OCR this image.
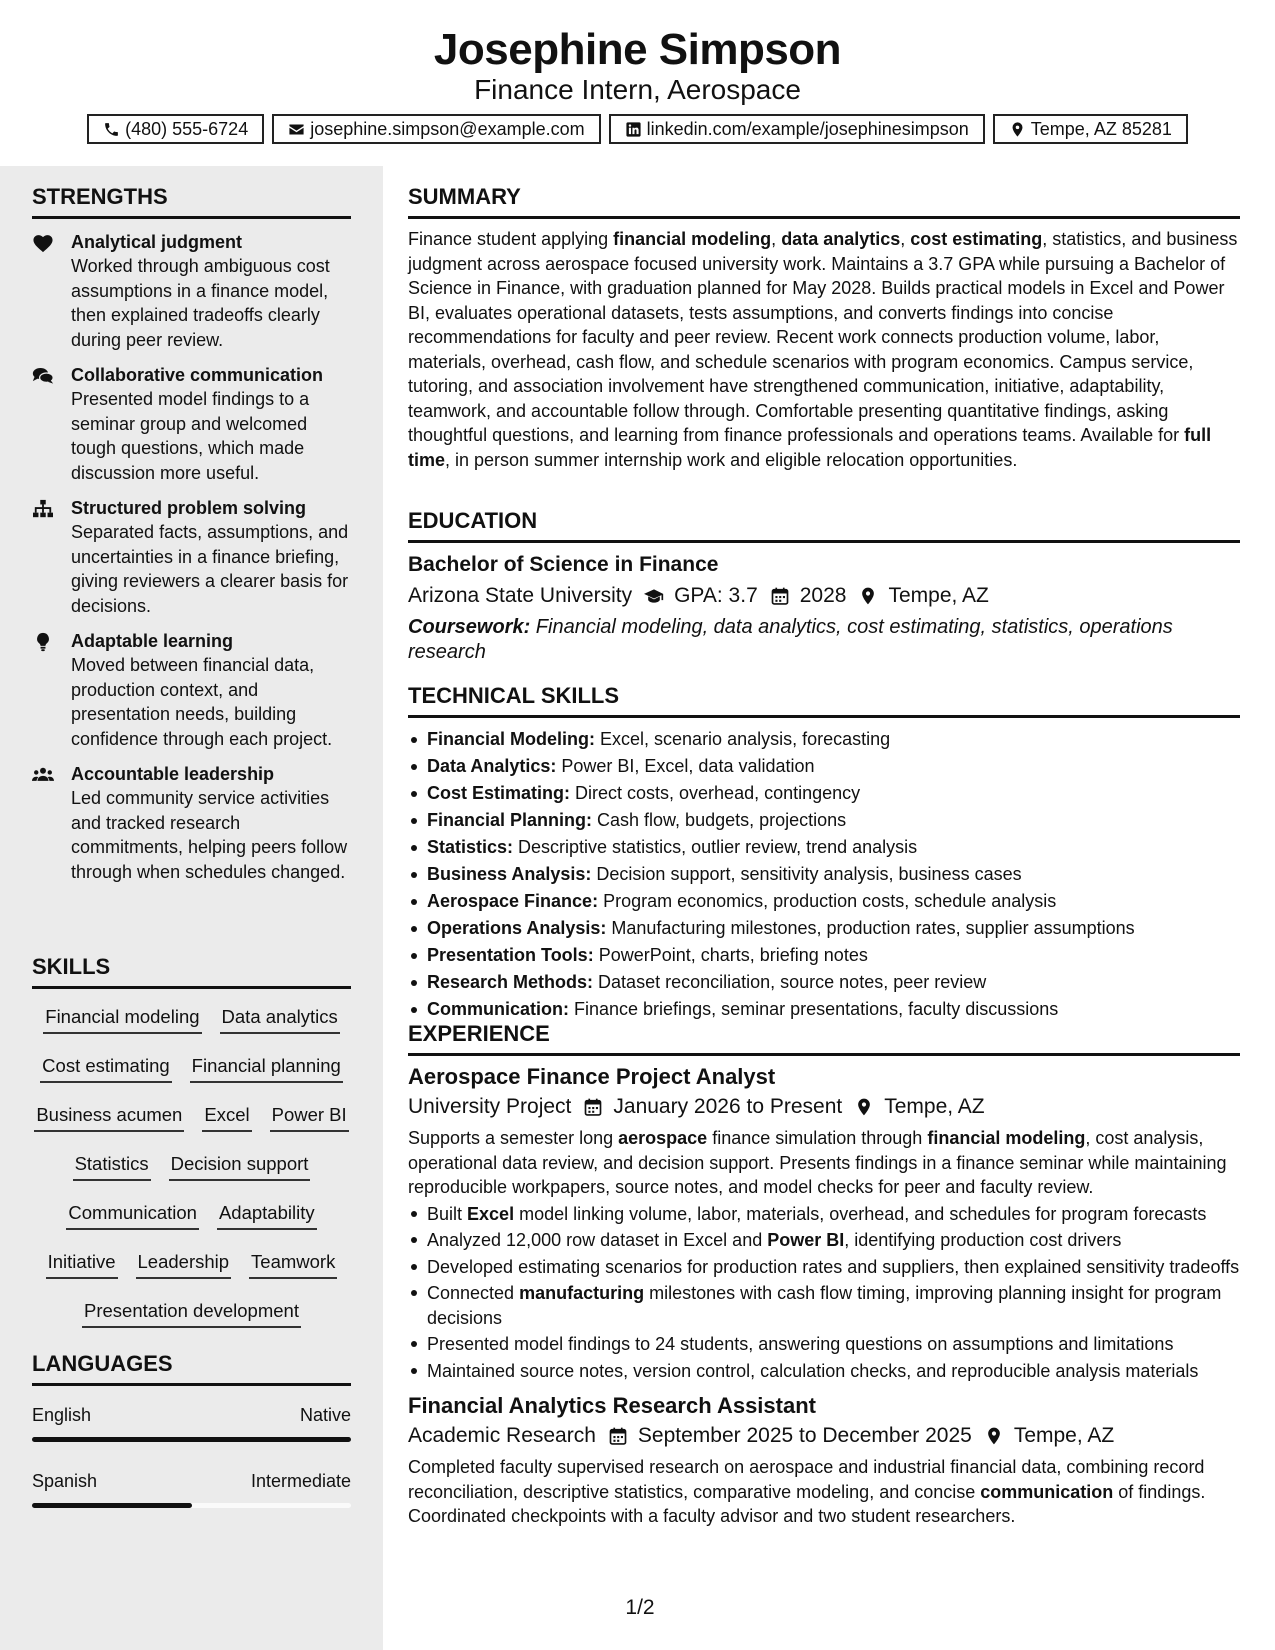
Josephine Simpson
Finance Intern, Aerospace
(480) 555-6724	josephine.simpson@example.com	linkedin.com/example/josephinesimpson	Tempe, AZ 85281
STRENGTHS
Analytical judgment
Worked through ambiguous cost assumptions in a finance model, then explained tradeoffs clearly during peer review.
Collaborative communication
Presented model findings to a seminar group and welcomed tough questions, which made discussion more useful.
Structured problem solving
Separated facts, assumptions, and uncertainties in a finance briefing, giving reviewers a clearer basis for decisions.
Adaptable learning
Moved between financial data, production context, and presentation needs, building confidence through each project.
Accountable leadership
Led community service activities and tracked research commitments, helping peers follow through when schedules changed.
SKILLS
Financial modeling Data analytics
Cost estimating Financial planning
Business acumen Excel Power BI
Statistics Decision support
Communication Adaptability
Initiative Leadership Teamwork
Presentation development
LANGUAGES
English	Native
Spanish	Intermediate
SUMMARY
Finance student applying financial modeling, data analytics, cost estimating, statistics, and business judgment across aerospace focused university work. Maintains a 3.7 GPA while pursuing a Bachelor of Science in Finance, with graduation planned for May 2028. Builds practical models in Excel and Power BI, evaluates operational datasets, tests assumptions, and converts findings into concise recommendations for faculty and peer review. Recent work connects production volume, labor, materials, overhead, cash flow, and schedule scenarios with program economics. Campus service, tutoring, and association involvement have strengthened communication, initiative, adaptability, teamwork, and accountable follow through. Comfortable presenting quantitative findings, asking thoughtful questions, and learning from finance professionals and operations teams. Available for full time, in person summer internship work and eligible relocation opportunities.
EDUCATION
Bachelor of Science in Finance
Arizona State University GPA: 3.7 2028 Tempe, AZ
Coursework: Financial modeling, data analytics, cost estimating, statistics, operations research
TECHNICAL SKILLS
Financial Modeling: Excel, scenario analysis, forecasting
Data Analytics: Power BI, Excel, data validation
Cost Estimating: Direct costs, overhead, contingency
Financial Planning: Cash flow, budgets, projections
Statistics: Descriptive statistics, outlier review, trend analysis
Business Analysis: Decision support, sensitivity analysis, business cases
Aerospace Finance: Program economics, production costs, schedule analysis
Operations Analysis: Manufacturing milestones, production rates, supplier assumptions
Presentation Tools: PowerPoint, charts, briefing notes
Research Methods: Dataset reconciliation, source notes, peer review
Communication: Finance briefings, seminar presentations, faculty discussions
EXPERIENCE
Aerospace Finance Project Analyst
University Project January 2026 to Present Tempe, AZ
Supports a semester long aerospace finance simulation through financial modeling, cost analysis, operational data review, and decision support. Presents findings in a finance seminar while maintaining reproducible workpapers, source notes, and model checks for peer and faculty review.
Built Excel model linking volume, labor, materials, overhead, and schedules for program forecasts
Analyzed 12,000 row dataset in Excel and Power BI, identifying production cost drivers
Developed estimating scenarios for production rates and suppliers, then explained sensitivity tradeoffs
Connected manufacturing milestones with cash flow timing, improving planning insight for program decisions
Presented model findings to 24 students, answering questions on assumptions and limitations
Maintained source notes, version control, calculation checks, and reproducible analysis materials
Financial Analytics Research Assistant
Academic Research September 2025 to December 2025 Tempe, AZ
Completed faculty supervised research on aerospace and industrial financial data, combining record reconciliation, descriptive statistics, comparative modeling, and concise communication of findings. Coordinated checkpoints with a faculty advisor and two student researchers.
1/2
